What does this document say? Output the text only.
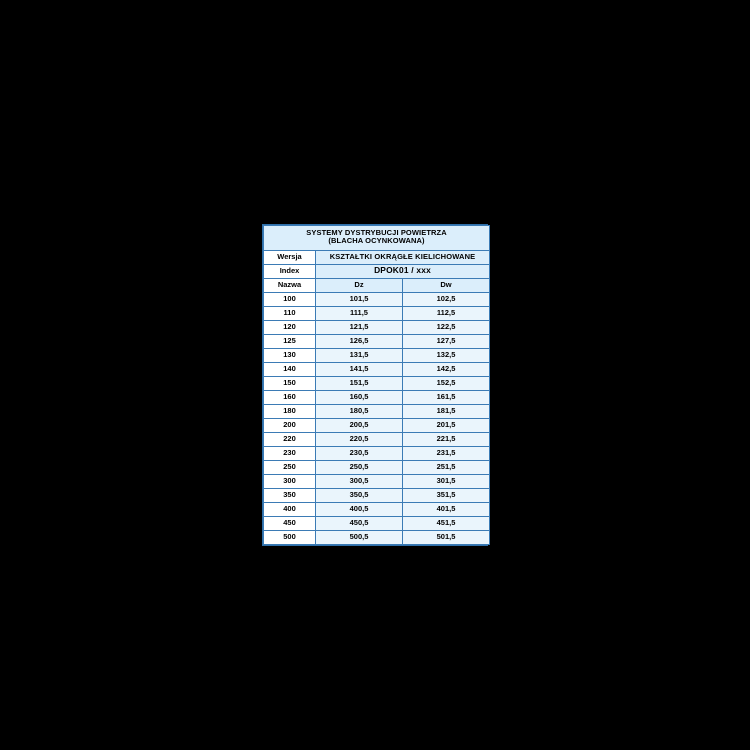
SYSTEMY DYSTRYBUCJI POWIETRZA
(BLACHA OCYNKOWANA)		

Wersja	KSZTAŁTKI OKRĄGŁE KIELICHOWANE	
Index	DPOK01 / xxx	
Nazwa	Dz	Dw
100	101,5	102,5
110	111,5	112,5
120	121,5	122,5
125	126,5	127,5
130	131,5	132,5
140	141,5	142,5
150	151,5	152,5
160	160,5	161,5
180	180,5	181,5
200	200,5	201,5
220	220,5	221,5
230	230,5	231,5
250	250,5	251,5
300	300,5	301,5
350	350,5	351,5
400	400,5	401,5
450	450,5	451,5
500	500,5	501,5
